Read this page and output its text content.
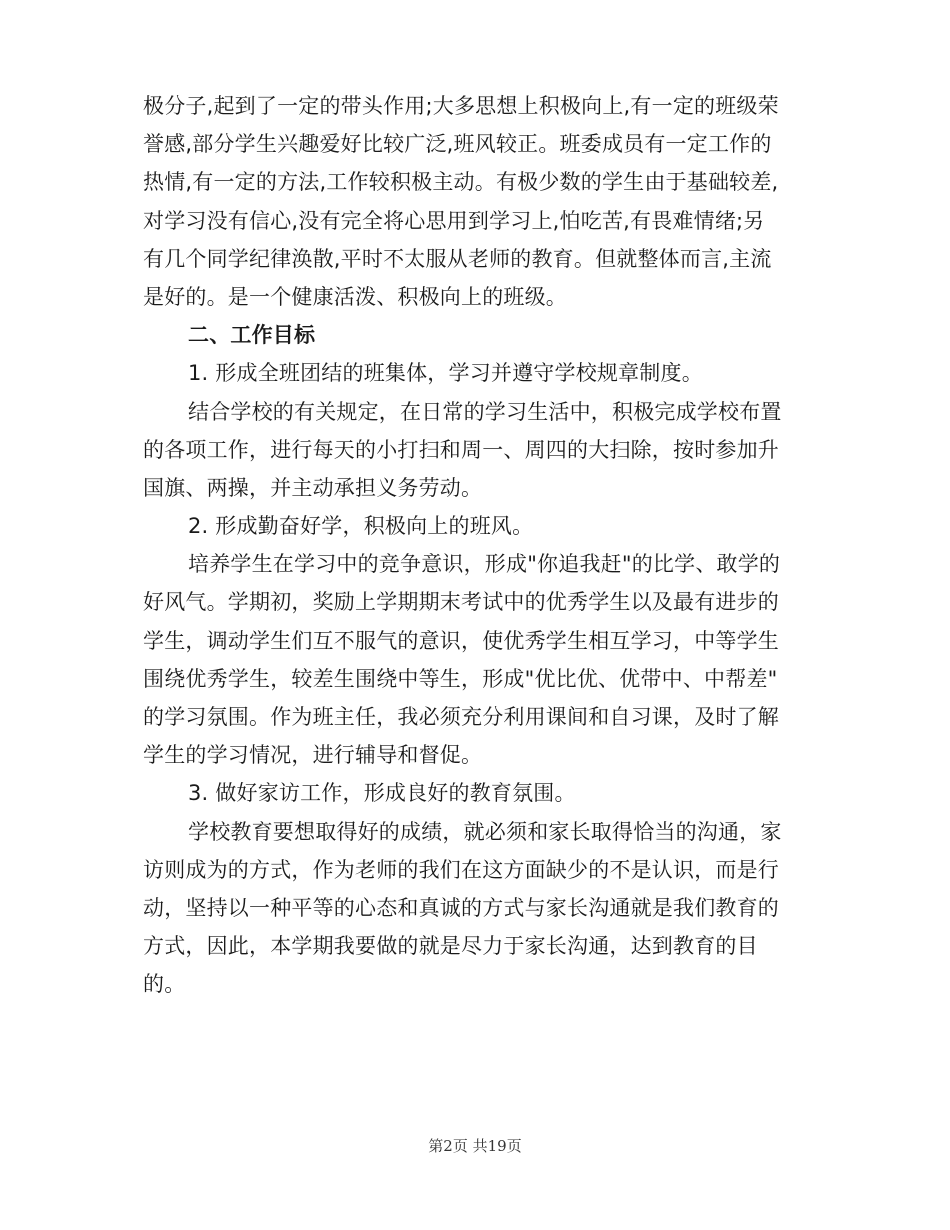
极分子,起到了一定的带头作用;大多思想上积极向上,有一定的班级荣
誉感,部分学生兴趣爱好比较广泛,班风较正。班委成员有一定工作的
热情,有一定的方法,工作较积极主动。有极少数的学生由于基础较差,
对学习没有信心,没有完全将心思用到学习上,怕吃苦,有畏难情绪;另
有几个同学纪律涣散,平时不太服从老师的教育。但就整体而言,主流
是好的。是一个健康活泼、积极向上的班级。
二、工作目标
1. 形成全班团结的班集体，学习并遵守学校规章制度。
结合学校的有关规定，在日常的学习生活中，积极完成学校布置
的各项工作，进行每天的小打扫和周一、周四的大扫除，按时参加升
国旗、两操，并主动承担义务劳动。
2. 形成勤奋好学，积极向上的班风。
培养学生在学习中的竞争意识，形成"你追我赶"的比学、敢学的
好风气。学期初，奖励上学期期末考试中的优秀学生以及最有进步的
学生，调动学生们互不服气的意识，使优秀学生相互学习，中等学生
围绕优秀学生，较差生围绕中等生，形成"优比优、优带中、中帮差"
的学习氛围。作为班主任，我必须充分利用课间和自习课，及时了解
学生的学习情况，进行辅导和督促。
3. 做好家访工作，形成良好的教育氛围。
学校教育要想取得好的成绩，就必须和家长取得恰当的沟通，家
访则成为的方式，作为老师的我们在这方面缺少的不是认识，而是行
动，坚持以一种平等的心态和真诚的方式与家长沟通就是我们教育的
方式，因此，本学期我要做的就是尽力于家长沟通，达到教育的目
的。
第2页 共19页
